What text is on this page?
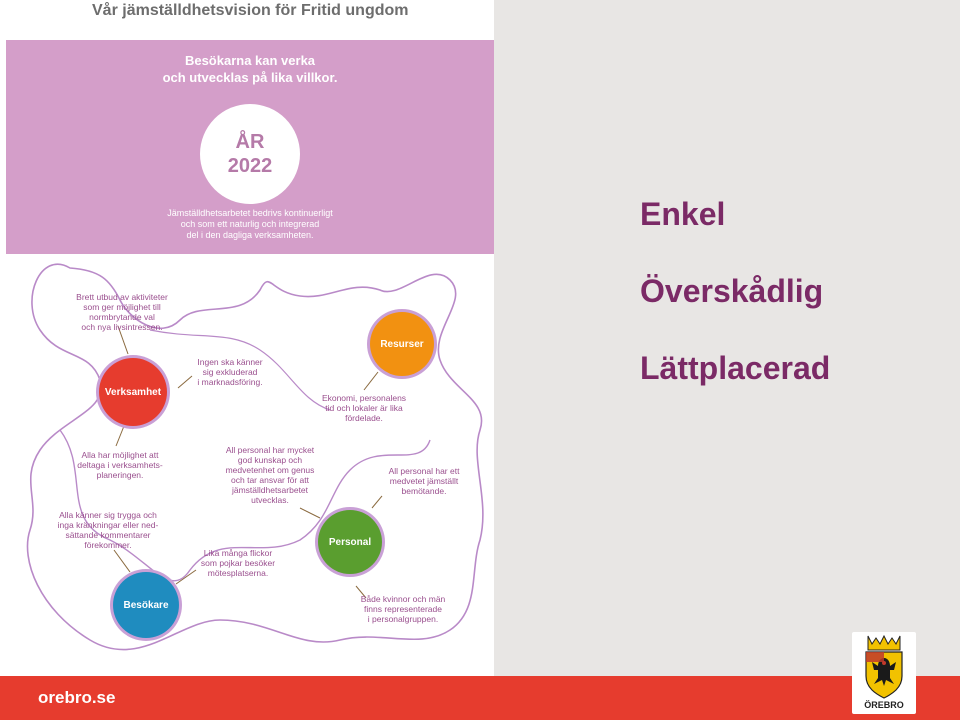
Vår jämställdhetsvision för Fritid ungdom
Besökarna kan verka
och utvecklas på lika villkor.
ÅR
2022
Jämställdhetsarbetet bedrivs kontinuerligt
och som ett naturlig och integrerad
del i den dagliga verksamheten.
Verksamhet
Resurser
Personal
Besökare
Brett utbud av aktiviteter
som ger möjlighet till
normbrytande val
och nya livsintressen.
Ingen ska känner
sig exkluderad
i marknadsföring.
Ekonomi, personalens
tid och lokaler är lika
fördelade.
Alla har möjlighet att
deltaga i verksamhets-
planeringen.
All personal har mycket
god kunskap och
medvetenhet om genus
och tar ansvar för att
jämställdhetsarbetet
utvecklas.
All personal har ett
medvetet jämställt
bemötande.
Alla känner sig trygga och
inga kränkningar eller ned-
sättande kommentarer
förekommer.
Lika många flickor
som pojkar besöker
mötesplatserna.
Både kvinnor och män
finns representerade
i personalgruppen.
Enkel
Överskådlig
Lättplacerad
orebro.se	ÖREBRO
